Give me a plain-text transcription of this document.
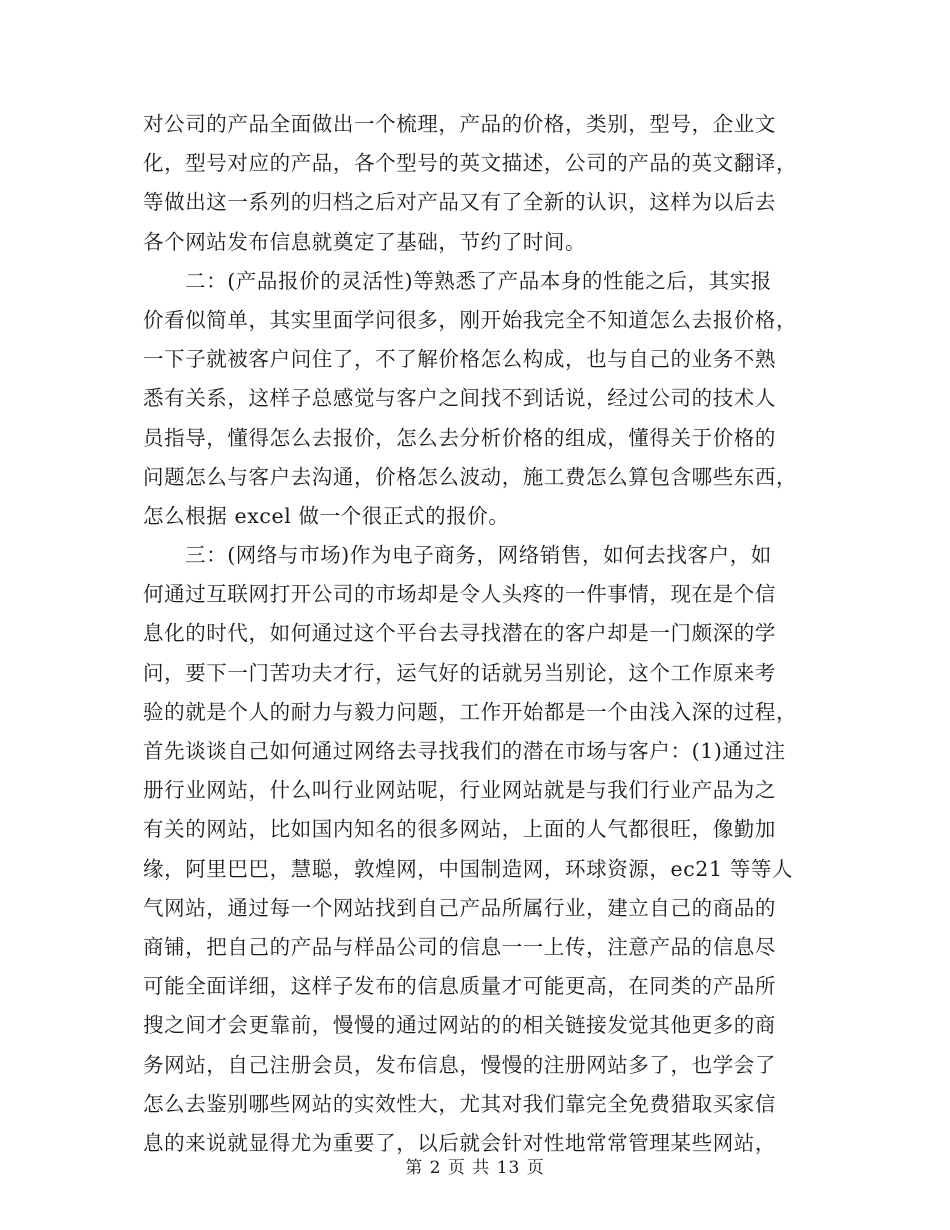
对公司的产品全面做出一个梳理，产品的价格，类别，型号，企业文
化，型号对应的产品，各个型号的英文描述，公司的产品的英文翻译，
等做出这一系列的归档之后对产品又有了全新的认识，这样为以后去
各个网站发布信息就奠定了基础，节约了时间。
二：(产品报价的灵活性)等熟悉了产品本身的性能之后，其实报
价看似简单，其实里面学问很多，刚开始我完全不知道怎么去报价格，
一下子就被客户问住了，不了解价格怎么构成，也与自己的业务不熟
悉有关系，这样子总感觉与客户之间找不到话说，经过公司的技术人
员指导，懂得怎么去报价，怎么去分析价格的组成，懂得关于价格的
问题怎么与客户去沟通，价格怎么波动，施工费怎么算包含哪些东西，
怎么根据 excel 做一个很正式的报价。
三：(网络与市场)作为电子商务，网络销售，如何去找客户，如
何通过互联网打开公司的市场却是令人头疼的一件事情，现在是个信
息化的时代，如何通过这个平台去寻找潜在的客户却是一门颇深的学
问，要下一门苦功夫才行，运气好的话就另当别论，这个工作原来考
验的就是个人的耐力与毅力问题，工作开始都是一个由浅入深的过程，
首先谈谈自己如何通过网络去寻找我们的潜在市场与客户：(1)通过注
册行业网站，什么叫行业网站呢，行业网站就是与我们行业产品为之
有关的网站，比如国内知名的很多网站，上面的人气都很旺，像勤加
缘，阿里巴巴，慧聪，敦煌网，中国制造网，环球资源，ec21 等等人
气网站，通过每一个网站找到自己产品所属行业，建立自己的商品的
商铺，把自己的产品与样品公司的信息一一上传，注意产品的信息尽
可能全面详细，这样子发布的信息质量才可能更高，在同类的产品所
搜之间才会更靠前，慢慢的通过网站的的相关链接发觉其他更多的商
务网站，自己注册会员，发布信息，慢慢的注册网站多了，也学会了
怎么去鉴别哪些网站的实效性大，尤其对我们靠完全免费猎取买家信
息的来说就显得尤为重要了，以后就会针对性地常常管理某些网站，
第 2 页 共 13 页
